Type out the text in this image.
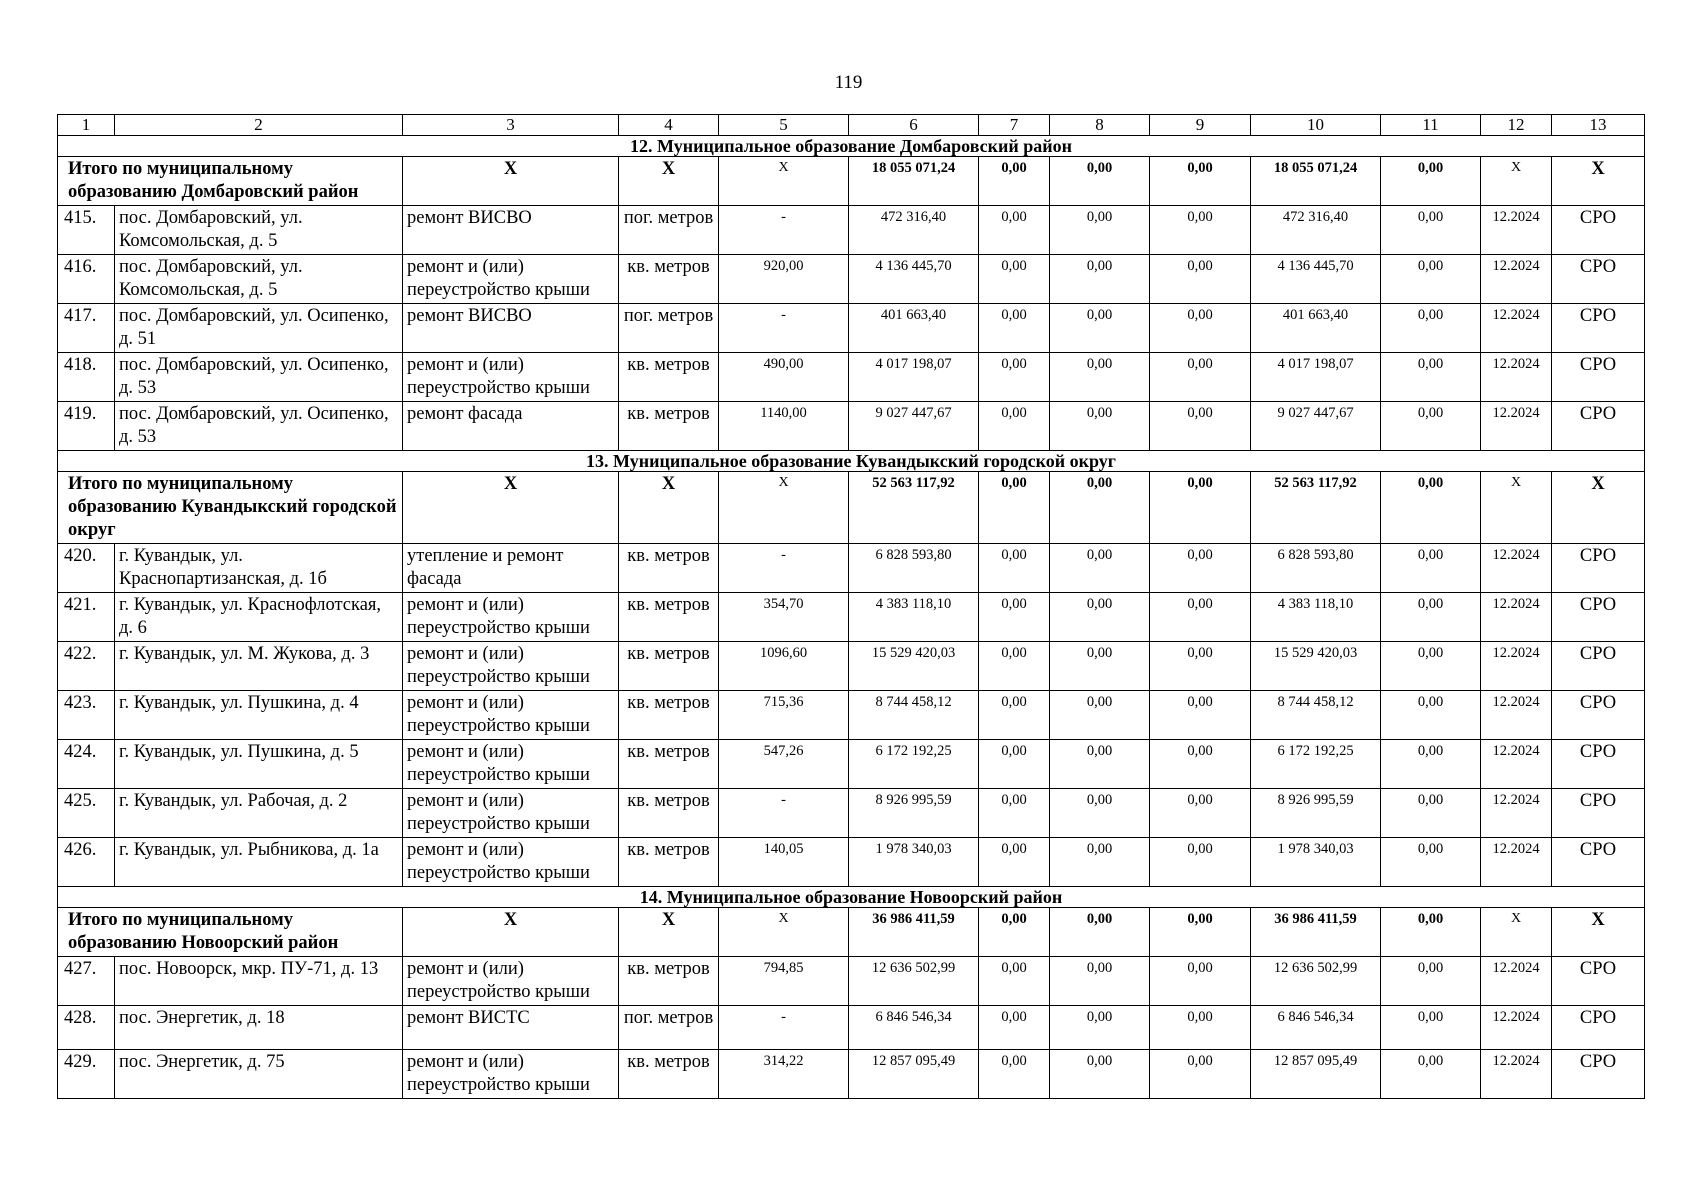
119
1	2	3	4	5	6	7	8	9	10	11	12	13
12. Муниципальное образование Домбаровский район												
Итого по муниципальному образованию Домбаровский район		X	X	X	18 055 071,24	0,00	0,00	0,00	18 055 071,24	0,00	X	X
415.	пос. Домбаровский, ул. Комсомольская, д. 5	ремонт ВИСВО	пог. метров	-	472 316,40	0,00	0,00	0,00	472 316,40	0,00	12.2024	СРО
416.	пос. Домбаровский, ул. Комсомольская, д. 5	ремонт и (или) переустройство крыши	кв. метров	920,00	4 136 445,70	0,00	0,00	0,00	4 136 445,70	0,00	12.2024	СРО
417.	пос. Домбаровский, ул. Осипенко, д. 51	ремонт ВИСВО	пог. метров	-	401 663,40	0,00	0,00	0,00	401 663,40	0,00	12.2024	СРО
418.	пос. Домбаровский, ул. Осипенко, д. 53	ремонт и (или) переустройство крыши	кв. метров	490,00	4 017 198,07	0,00	0,00	0,00	4 017 198,07	0,00	12.2024	СРО
419.	пос. Домбаровский, ул. Осипенко, д. 53	ремонт фасада	кв. метров	1140,00	9 027 447,67	0,00	0,00	0,00	9 027 447,67	0,00	12.2024	СРО
13. Муниципальное образование Кувандыкский городской округ												
Итого по муниципальному образованию Кувандыкский городской округ		X	X	X	52 563 117,92	0,00	0,00	0,00	52 563 117,92	0,00	X	X
420.	г. Кувандык, ул. Краснопартизанская, д. 1б	утепление и ремонт фасада	кв. метров	-	6 828 593,80	0,00	0,00	0,00	6 828 593,80	0,00	12.2024	СРО
421.	г. Кувандык, ул. Краснофлотская, д. 6	ремонт и (или) переустройство крыши	кв. метров	354,70	4 383 118,10	0,00	0,00	0,00	4 383 118,10	0,00	12.2024	СРО
422.	г. Кувандык, ул. М. Жукова, д. 3	ремонт и (или) переустройство крыши	кв. метров	1096,60	15 529 420,03	0,00	0,00	0,00	15 529 420,03	0,00	12.2024	СРО
423.	г. Кувандык, ул. Пушкина, д. 4	ремонт и (или) переустройство крыши	кв. метров	715,36	8 744 458,12	0,00	0,00	0,00	8 744 458,12	0,00	12.2024	СРО
424.	г. Кувандык, ул. Пушкина, д. 5	ремонт и (или) переустройство крыши	кв. метров	547,26	6 172 192,25	0,00	0,00	0,00	6 172 192,25	0,00	12.2024	СРО
425.	г. Кувандык, ул. Рабочая, д. 2	ремонт и (или) переустройство крыши	кв. метров	-	8 926 995,59	0,00	0,00	0,00	8 926 995,59	0,00	12.2024	СРО
426.	г. Кувандык, ул. Рыбникова, д. 1а	ремонт и (или) переустройство крыши	кв. метров	140,05	1 978 340,03	0,00	0,00	0,00	1 978 340,03	0,00	12.2024	СРО
14. Муниципальное образование Новоорский район												
Итого по муниципальному образованию Новоорский район		X	X	X	36 986 411,59	0,00	0,00	0,00	36 986 411,59	0,00	X	X
427.	пос. Новоорск, мкр. ПУ-71, д. 13	ремонт и (или) переустройство крыши	кв. метров	794,85	12 636 502,99	0,00	0,00	0,00	12 636 502,99	0,00	12.2024	СРО
428.	пос. Энергетик, д. 18	ремонт ВИСТС	пог. метров	-	6 846 546,34	0,00	0,00	0,00	6 846 546,34	0,00	12.2024	СРО
429.	пос. Энергетик, д. 75	ремонт и (или) переустройство крыши	кв. метров	314,22	12 857 095,49	0,00	0,00	0,00	12 857 095,49	0,00	12.2024	СРО
